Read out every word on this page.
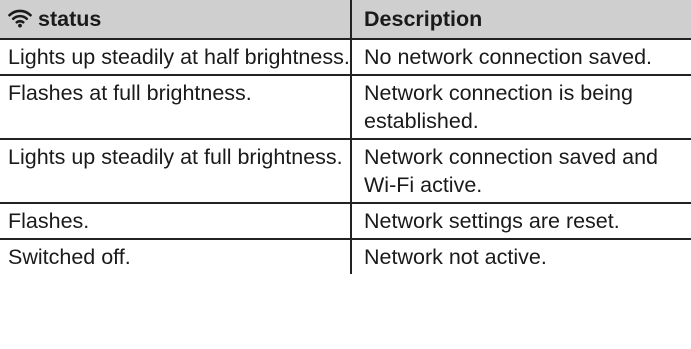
status	Description
Lights up steadily at half brightness.	No network connection saved.
Flashes at full brightness.	Network connection is being established.
Lights up steadily at full brightness.	Network connection saved and Wi-Fi active.
Flashes.	Network settings are reset.
Switched off.	Network not active.
